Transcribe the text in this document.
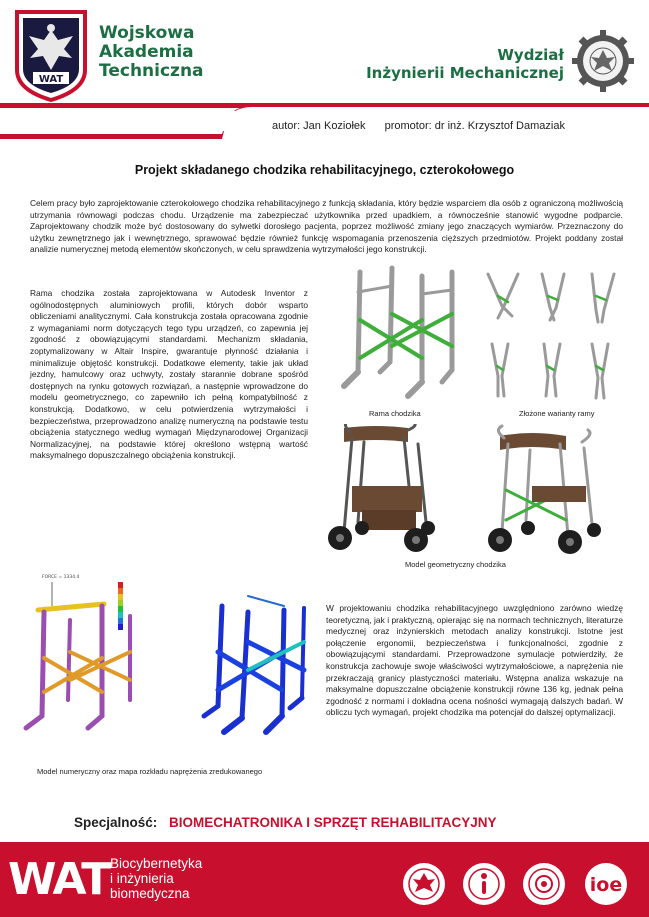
WAT
Wojskowa
Akademia
Techniczna
Wydział
Inżynierii Mechanicznej
autor: Jan Koziołek promotor: dr inż. Krzysztof Damaziak
Projekt składanego chodzika rehabilitacyjnego, czterokołowego
Celem pracy było zaprojektowanie czterokołowego chodzika rehabilitacyjnego z funkcją składania, który będzie wsparciem dla osób z ograniczoną możliwością utrzymania równowagi podczas chodu. Urządzenie ma zabezpieczać użytkownika przed upadkiem, a równocześnie stanowić wygodne podparcie. Zaprojektowany chodzik może być dostosowany do sylwetki dorosłego pacjenta, poprzez możliwość zmiany jego znaczących wymiarów. Przeznaczony do użytku zewnętrznego jak i wewnętrznego, sprawować będzie również funkcję wspomagania przenoszenia cięższych przedmiotów. Projekt poddany został analizie numerycznej metodą elementów skończonych, w celu sprawdzenia wytrzymałości jego konstrukcji.
Rama chodzika została zaprojektowana w Autodesk Inventor z ogólnodostępnych aluminiowych profili, których dobór wsparto obliczeniami analitycznymi. Cała konstrukcja została opracowana zgodnie z wymaganiami norm dotyczących tego typu urządzeń, co zapewnia jej zgodność z obowiązującymi standardami. Mechanizm składania, zoptymalizowany w Altair Inspire, gwarantuje płynność działania i minimalizuje objętość konstrukcji. Dodatkowe elementy, takie jak układ jezdny, hamulcowy oraz uchwyty, zostały starannie dobrane spośród dostępnych na rynku gotowych rozwiązań, a następnie wprowadzone do modelu geometrycznego, co zapewniło ich pełną kompatybilność z konstrukcją. Dodatkowo, w celu potwierdzenia wytrzymałości i bezpieczeństwa, przeprowadzono analizę numeryczną na podstawie testu obciążenia statycznego według wymagań Międzynarodowej Organizacji Normalizacyjnej, na podstawie której określono wstępną wartość maksymalnego dopuszczalnego obciążenia konstrukcji.
Rama chodzika	Złożone warianty ramy
Model geometryczny chodzika
FORCE = 1334.4
Model numeryczny oraz mapa rozkładu naprężenia zredukowanego
W projektowaniu chodzika rehabilitacyjnego uwzględniono zarówno wiedzę teoretyczną, jak i praktyczną, opierając się na normach technicznych, literaturze medycznej oraz inżynierskich metodach analizy konstrukcji. Istotne jest połączenie ergonomii, bezpieczeństwa i funkcjonalności, zgodnie z obowiązującymi standardami. Przeprowadzone symulacje potwierdziły, że konstrukcja zachowuje swoje właściwości wytrzymałościowe, a naprężenia nie przekraczają granicy plastyczności materiału. Wstępna analiza wskazuje na maksymalne dopuszczalne obciążenie konstrukcji równe 136 kg, jednak pełna zgodność z normami i dokładna ocena nośności wymagają dalszych badań. W obliczu tych wymagań, projekt chodzika ma potencjał do dalszej optymalizacji.
Specjalność: BIOMECHATRONIKA I SPRZĘT REHABILITACYJNY
WAT Biocybernetyka
i inżynieria
biomedyczna	ioe
